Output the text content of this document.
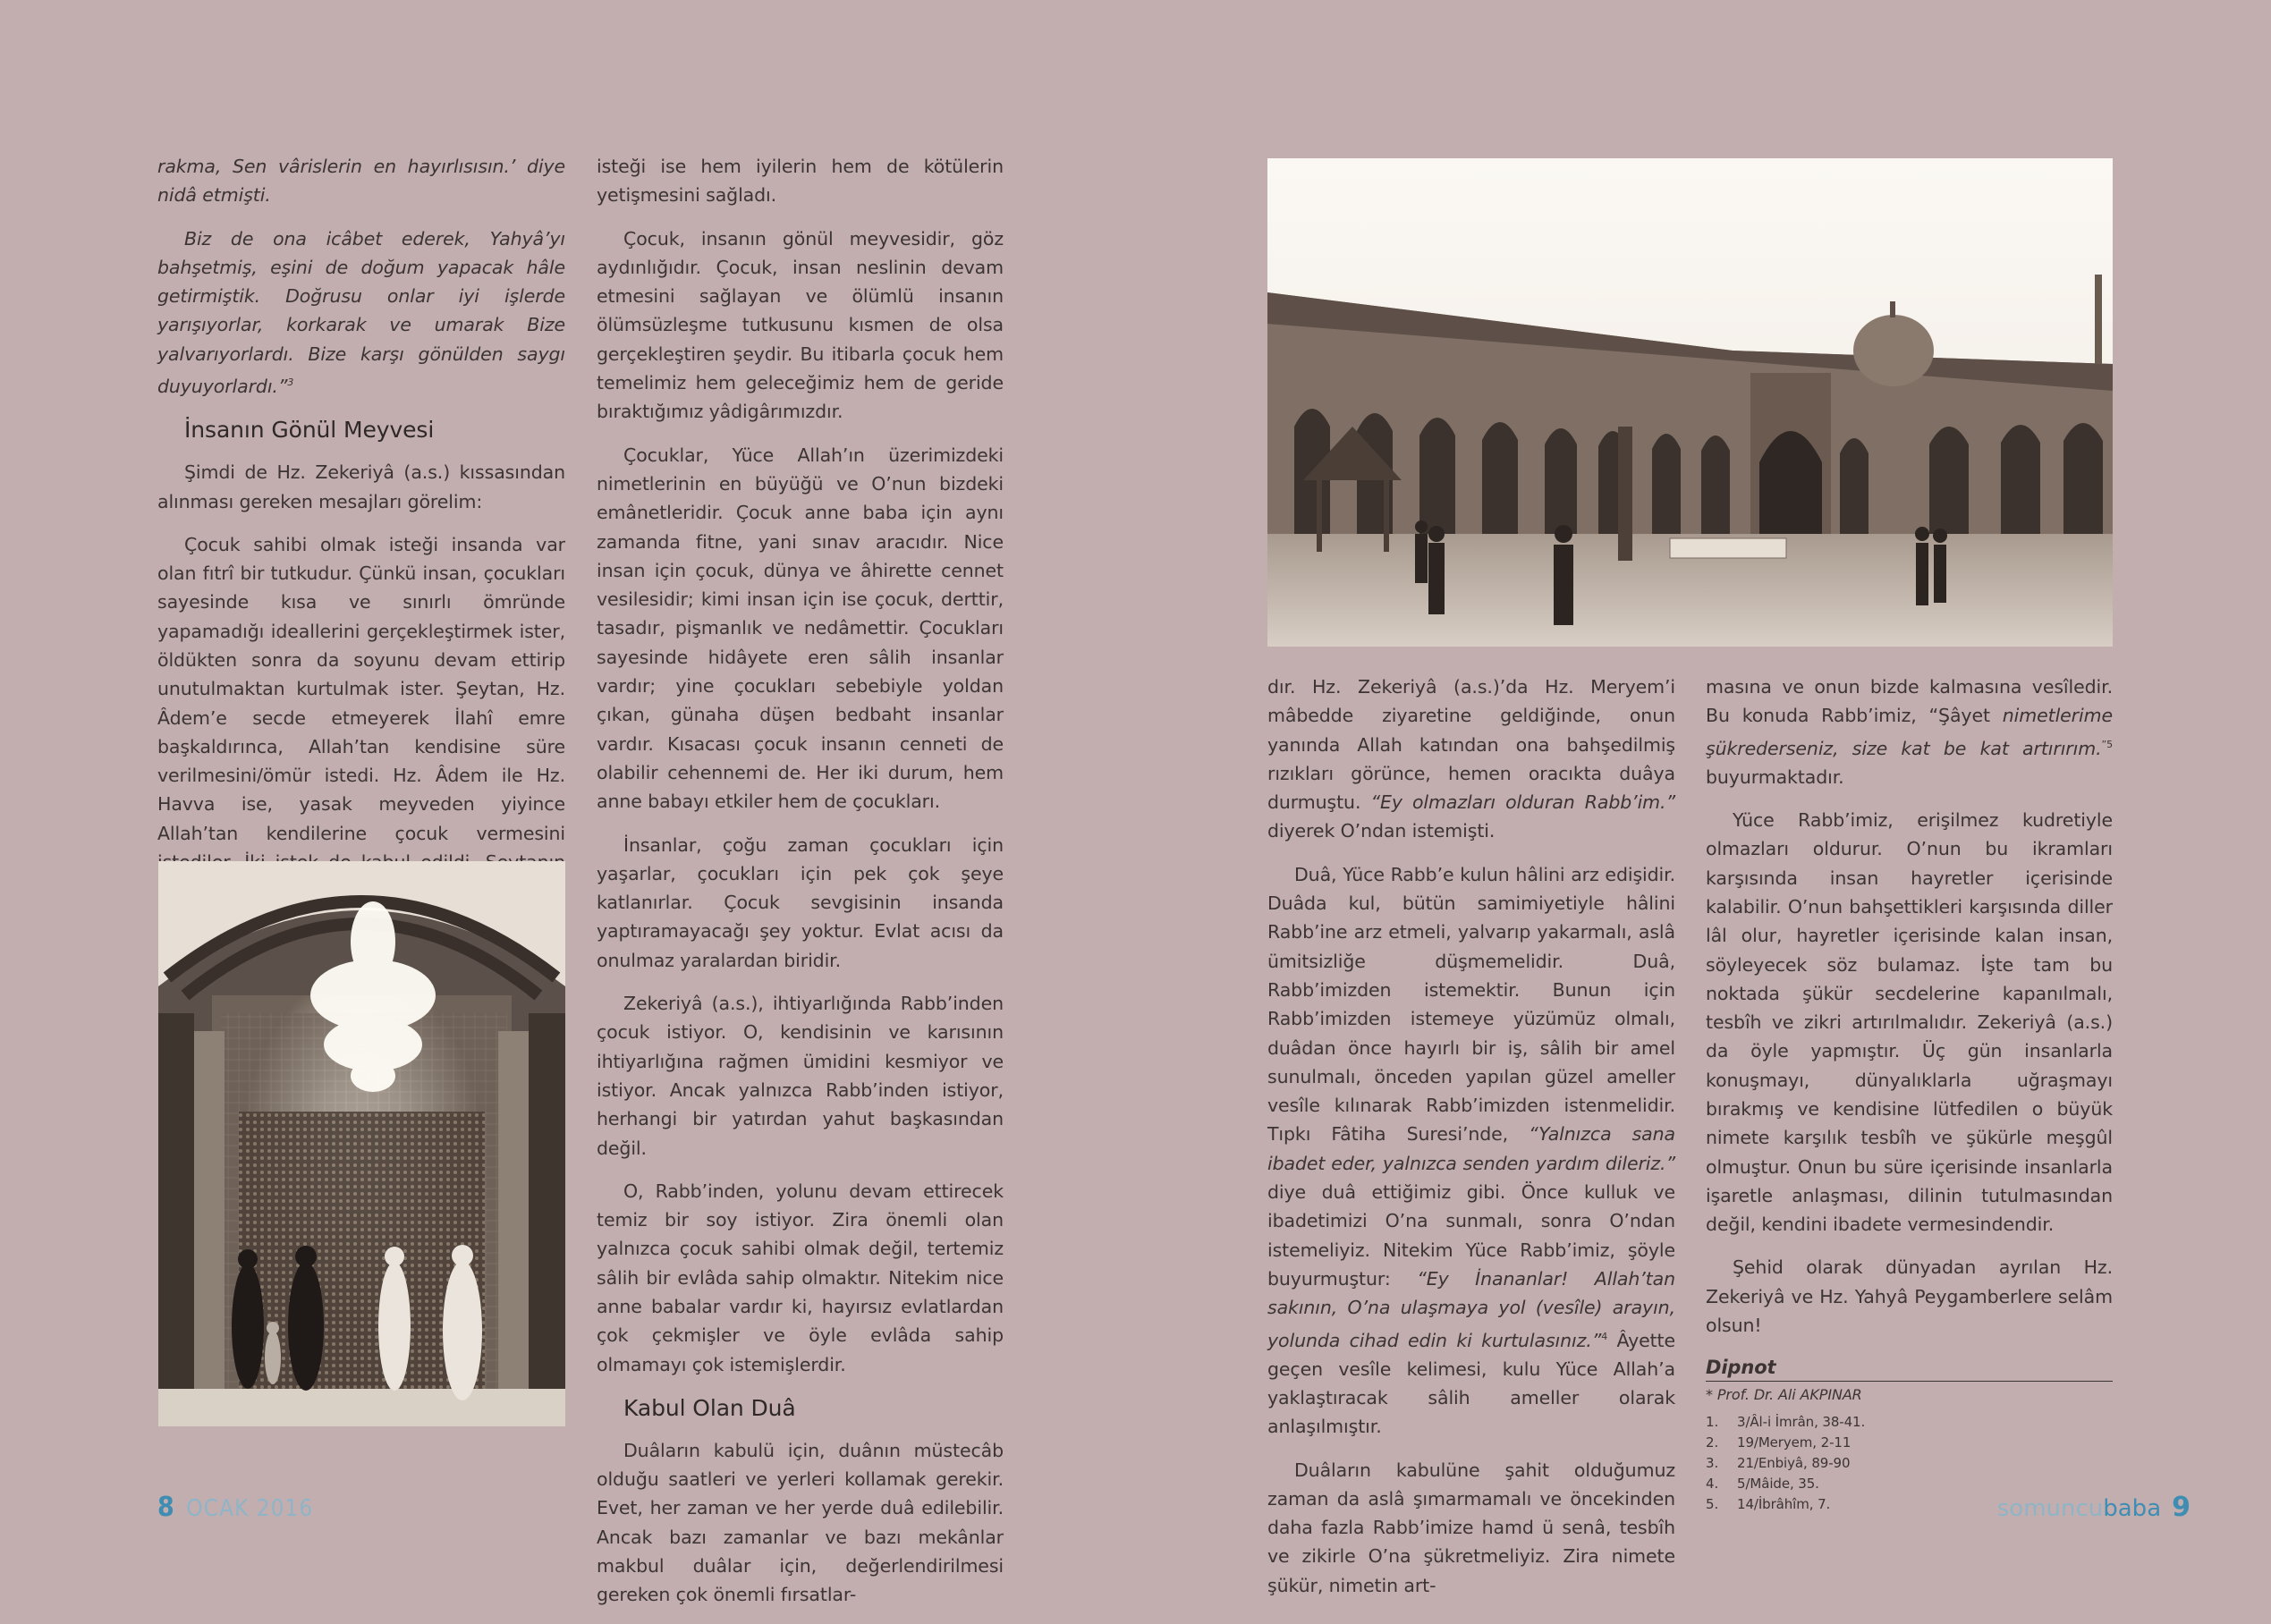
rakma, Sen vârislerin en hayırlısısın.’ diye nidâ etmişti.

Biz de ona icâbet ederek, Yahyâ’yı bahşetmiş, eşini de doğum yapacak hâle getirmiştik. Doğrusu onlar iyi işlerde yarışıyorlar, korkarak ve umarak Bize yalvarıyorlardı. Bize karşı gönülden saygı duyuyorlardı.”$^3$

İnsanın Gönül Meyvesi

Şimdi de Hz. Zekeriyâ (a.s.) kıssasından alınması gereken mesajları görelim:

Çocuk sahibi olmak isteği insanda var olan fıtrî bir tutkudur. Çünkü insan, çocukları sayesinde kısa ve sınırlı ömründe yapamadığı ideallerini gerçekleştirmek ister, öldükten sonra da soyunu devam ettirip unutulmaktan kurtulmak ister. Şeytan, Hz. Âdem’e secde etmeyerek İlahî emre başkaldırınca, Allah’tan kendisine süre verilmesini/ömür istedi. Hz. Âdem ile Hz. Havva ise, yasak meyveden yiyince Allah’tan kendilerine çocuk vermesini

isteği ise hem iyilerin hem de kötülerin yetişmesini sağladı.

Çocuk, insanın gönül meyvesidir, göz aydınlığıdır. Çocuk, insan neslinin devam etmesini sağlayan ve ölümlü insanın ölümsüzleşme tutkusunu kısmen de olsa gerçekleştiren şeydir. Bu itibarla çocuk hem temelimiz hem geleceğimiz hem de geride bıraktığımız yâdigârımızdır.

Çocuklar, Yüce Allah’ın üzerimizdeki nimetlerinin en büyüğü ve O’nun bizdeki emânetleridir. Çocuk anne baba için aynı zamanda fitne, yani sınav aracıdır. Nice insan için çocuk, dünya ve âhirette cennet vesilesidir; kimi insan için ise çocuk, derttir, tasadır, pişmanlık ve nedâmettir. Çocukları sayesinde hidâyete eren sâlih insanlar vardır; yine çocukları sebebiyle yoldan çıkan, günaha düşen bedbaht insanlar vardır. Kısacası çocuk insanın cenneti de olabilir cehennemi de. Her iki durum, hem anne babayı etkiler hem de çocukları.

İnsanlar, çoğu zaman çocukları için yaşarlar, çocukları için pek çok şeye katlanırlar. Çocuk sevgisinin insanda yaptıramayacağı şey yoktur. Evlat acısı da onulmaz yaralardan biridir.

Zekeriyâ (a.s.), ihtiyarlığında Rabb’inden çocuk istiyor. O, kendisinin ve karısının ihtiyarlığına rağmen ümidini kesmiyor ve istiyor. Ancak yalnızca Rabb’inden istiyor, herhangi bir yatırdan yahut başkasından değil.

O, Rabb’inden, yolunu devam ettirecek temiz bir soy istiyor. Zira önemli olan yalnızca çocuk sahibi olmak değil, tertemiz sâlih bir evlâda sahip olmaktır. Nitekim nice anne babalar vardır ki, hayırsız evlatlardan çok çekmişler ve öyle evlâda sahip olmamayı çok istemişlerdir.

Kabul Olan Duâ

Duâların kabulü için, duânın müstecâb olduğu saatleri ve yerleri kollamak gerekir. Evet, her zaman ve her yerde duâ edilebilir. Ancak bazı zamanlar ve bazı mekânlar makbul duâlar için, değerlendirilmesi gereken çok önemli fırsatlar-

8 OCAK 2016

dır. Hz. Zekeriyâ (a.s.)’da Hz. Meryem’i mâbedde ziyaretine geldiğinde, onun yanında Allah katından ona bahşedilmiş rızıkları görünce, hemen oracıkta duâya durmuştu. “Ey olmazları olduran Rabb’im.” diyerek O’ndan istemişti.

Duâ, Yüce Rabb’e kulun hâlini arz edişidir. Duâda kul, bütün samimiyetiyle hâlini Rabb’ine arz etmeli, yalvarıp yakarmalı, aslâ ümitsizliğe düşmemelidir. Duâ, Rabb’imizden istemektir. Bunun için Rabb’imizden istemeye yüzümüz olmalı, duâdan önce hayırlı bir iş, sâlih bir amel sunulmalı, önceden yapılan güzel ameller vesîle kılınarak Rabb’imizden istenmelidir. Tıpkı Fâtiha Suresi’nde, “Yalnızca sana ibadet eder, yalnızca senden yardım dileriz.” diye duâ ettiğimiz gibi. Önce kulluk ve ibadetimizi O’na sunmalı, sonra O’ndan istemeliyiz. Nitekim Yüce Rabb’imiz, şöyle buyurmuştur: “Ey İnananlar! Allah’tan sakının, O’na ulaşmaya yol (vesîle) arayın, yolunda cihad edin ki kurtulasınız.”$^4$ Âyette geçen vesîle kelimesi, kulu Yüce Allah’a yaklaştıracak sâlih ameller olarak anlaşılmıştır.

Duâların kabulüne şahit olduğumuz zaman da aslâ şımarmamalı ve öncekinden daha fazla Rabb’imize hamd ü senâ, tesbîh ve zikirle O’na şükretmeliyiz. Zira nimete şükür, nimetin art-

masına ve onun bizde kalmasına vesîledir. Bu konuda Rabb’imiz, “Şâyet nimetlerime şükrederseniz, size kat be kat artırırım.$^{”5}$ buyurmaktadır.

Yüce Rabb’imiz, erişilmez kudretiyle olmazları oldurur. O’nun bu ikramları karşısında insan hayretler içerisinde kalabilir. O’nun bahşettikleri karşısında diller lâl olur, hayretler içerisinde kalan insan, söyleyecek söz bulamaz. İşte tam bu noktada şükür secdelerine kapanılmalı, tesbîh ve zikri artırılmalıdır. Zekeriyâ (a.s.) da öyle yapmıştır. Üç gün insanlarla konuşmayı, dünyalıklarla uğraşmayı bırakmış ve kendisine lütfedilen o büyük nimete karşılık tesbîh ve şükürle meşgûl olmuştur. Onun bu süre içerisinde insanlarla işaretle anlaşması, dilinin tutulmasından değil, kendini ibadete vermesindendir.

Şehid olarak dünyadan ayrılan Hz. Zekeriyâ ve Hz. Yahyâ Peygamberlere selâm olsun!

Dipnot
* Prof. Dr. Ali AKPINAR
1. 3/Âl-i İmrân, 38-41.
2. 19/Meryem, 2-11
3. 21/Enbiyâ, 89-90
4. 5/Mâide, 35.
5. 14/İbrâhîm, 7.	somuncubaba 9
